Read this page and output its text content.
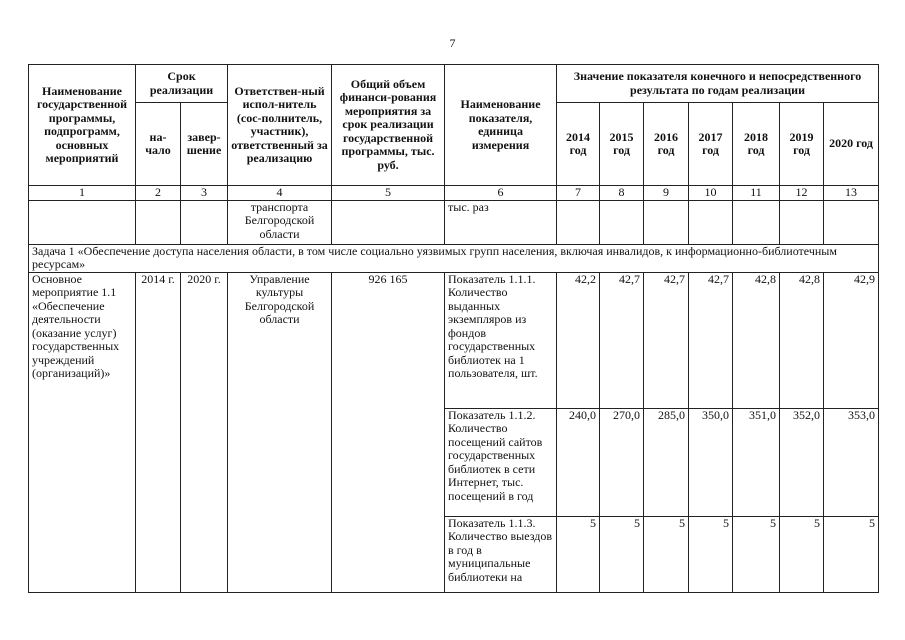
7
Наименование государственной программы, подпрограмм, основных мероприятий	Срок реализации		Ответствен-ный испол-нитель (сос-полнитель, участник), ответственный за реализацию	Общий объем финанси-рования мероприятия за срок реализации государственной программы, тыс. руб.	Наименование показателя, единица измерения	Значение показателя конечного и непосредственного результата по годам реализации						
	на-чало	завер-шение				2014 год	2015 год	2016 год	2017 год	2018 год	2019 год	2020 год
1	2	3	4	5	6	7	8	9	10	11	12	13
			транспорта Белгородской области		тыс. раз							
Задача 1 «Обеспечение доступа населения области, в том числе социально уязвимых групп населения, включая инвалидов, к информационно-библиотечным ресурсам»												
Основное мероприятие 1.1 «Обеспечение деятельности (оказание услуг) государственных учреждений (организаций)»	2014 г.	2020 г.	Управление культуры Белгородской области	926 165	Показатель 1.1.1. Количество выданных экземпляров из фондов государственных библиотек на 1 пользователя, шт.	42,2	42,7	42,7	42,7	42,8	42,8	42,9
					Показатель 1.1.2. Количество посещений сайтов государственных библиотек в сети Интернет, тыс. посещений в год	240,0	270,0	285,0	350,0	351,0	352,0	353,0
					Показатель 1.1.3. Количество выездов в год в муниципальные библиотеки на	5	5	5	5	5	5	5
